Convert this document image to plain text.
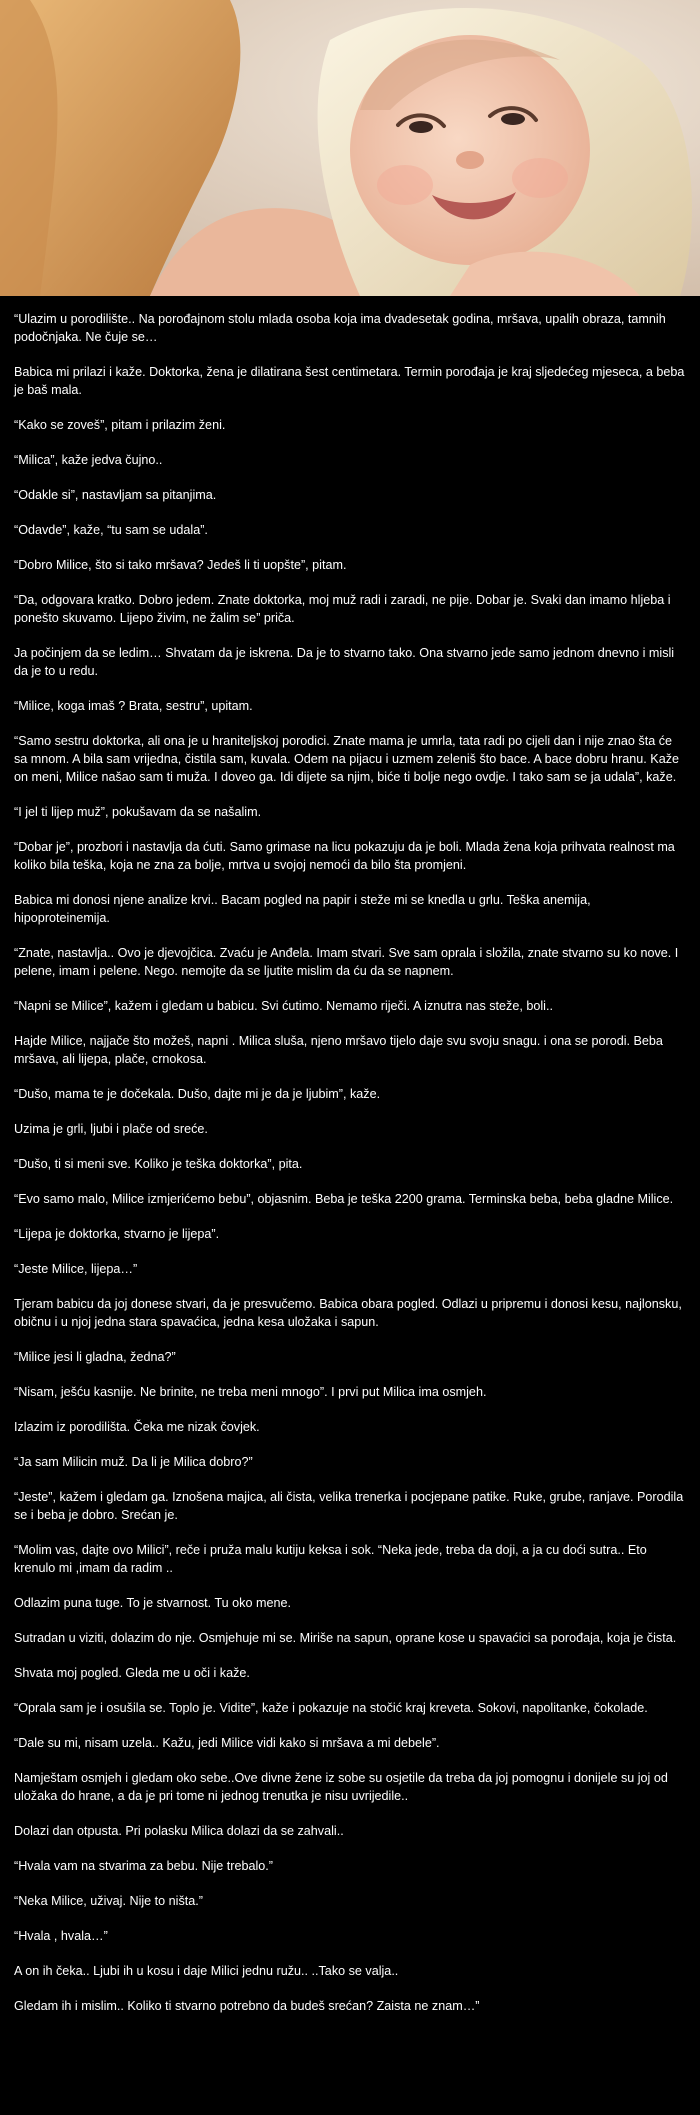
“Ulazim u porodilište.. Na porođajnom stolu mlada osoba koja ima dvadesetak godina, mršava, upalih obraza, tamnih podočnjaka. Ne čuje se…

Babica mi prilazi i kaže. Doktorka, žena je dilatirana šest centimetara. Termin porođaja je kraj sljedećeg mjeseca, a beba je baš mala.

“Kako se zoveš”, pitam i prilazim ženi.

“Milica”, kaže jedva čujno..

“Odakle si”, nastavljam sa pitanjima.

“Odavde”, kaže, “tu sam se udala”.

“Dobro Milice, što si tako mršava? Jedeš li ti uopšte”, pitam.

“Da, odgovara kratko. Dobro jedem. Znate doktorka, moj muž radi i zaradi, ne pije. Dobar je. Svaki dan imamo hljeba i ponešto skuvamo. Lijepo živim, ne žalim se” priča.

Ja počinjem da se ledim… Shvatam da je iskrena. Da je to stvarno tako. Ona stvarno jede samo jednom dnevno i misli da je to u redu.

“Milice, koga imaš ? Brata, sestru”, upitam.

“Samo sestru doktorka, ali ona je u hraniteljskoj porodici. Znate mama je umrla, tata radi po cijeli dan i nije znao šta će sa mnom. A bila sam vrijedna, čistila sam, kuvala. Odem na pijacu i uzmem zeleniš što bace. A bace dobru hranu. Kaže on meni, Milice našao sam ti muža. I doveo ga. Idi dijete sa njim, biće ti bolje nego ovdje. I tako sam se ja udala”, kaže.

“I jel ti lijep muž”, pokušavam da se našalim.

“Dobar je”, prozbori i nastavlja da ćuti. Samo grimase na licu pokazuju da je boli. Mlada žena koja prihvata realnost ma koliko bila teška, koja ne zna za bolje, mrtva u svojoj nemoći da bilo šta promjeni.

Babica mi donosi njene analize krvi.. Bacam pogled na papir i steže mi se knedla u grlu. Teška anemija, hipoproteinemija.

“Znate, nastavlja.. Ovo je djevojčica. Zvaću je Anđela. Imam stvari. Sve sam oprala i složila, znate stvarno su ko nove. I pelene, imam i pelene. Nego. nemojte da se ljutite mislim da ću da se napnem.

“Napni se Milice”, kažem i gledam u babicu. Svi ćutimo. Nemamo riječi. A iznutra nas steže, boli..

Hajde Milice, najjače što možeš, napni . Milica sluša, njeno mršavo tijelo daje svu svoju snagu. i ona se porodi. Beba mršava, ali lijepa, plače, crnokosa.

“Dušo, mama te je dočekala. Dušo, dajte mi je da je ljubim”, kaže.

Uzima je grli, ljubi i plače od sreće.

“Dušo, ti si meni sve. Koliko je teška doktorka”, pita.

“Evo samo malo, Milice izmjerićemo bebu”, objasnim. Beba je teška 2200 grama. Terminska beba, beba gladne Milice.

“Lijepa je doktorka, stvarno je lijepa”.

“Jeste Milice, lijepa…”

Tjeram babicu da joj donese stvari, da je presvučemo. Babica obara pogled. Odlazi u pripremu i donosi kesu, najlonsku, običnu i u njoj jedna stara spavaćica, jedna kesa uložaka i sapun.

“Milice jesi li gladna, žedna?”

“Nisam, ješću kasnije. Ne brinite, ne treba meni mnogo”. I prvi put Milica ima osmjeh.

Izlazim iz porodilišta. Čeka me nizak čovjek.

“Ja sam Milicin muž. Da li je Milica dobro?”

“Jeste”, kažem i gledam ga. Iznošena majica, ali čista, velika trenerka i pocjepane patike. Ruke, grube, ranjave. Porodila se i beba je dobro. Srećan je.

“Molim vas, dajte ovo Milici”, reče i pruža malu kutiju keksa i sok. “Neka jede, treba da doji, a ja cu doći sutra.. Eto krenulo mi ,imam da radim ..

Odlazim puna tuge. To je stvarnost. Tu oko mene.

Sutradan u viziti, dolazim do nje. Osmjehuje mi se. Miriše na sapun, oprane kose u spavaćici sa porođaja, koja je čista.

Shvata moj pogled. Gleda me u oči i kaže.

“Oprala sam je i osušila se. Toplo je. Vidite”, kaže i pokazuje na stočić kraj kreveta. Sokovi, napolitanke, čokolade.

“Dale su mi, nisam uzela.. Kažu, jedi Milice vidi kako si mršava a mi debele”.

Namještam osmjeh i gledam oko sebe..Ove divne žene iz sobe su osjetile da treba da joj pomognu i donijele su joj od uložaka do hrane, a da je pri tome ni jednog trenutka je nisu uvrijedile..

Dolazi dan otpusta. Pri polasku Milica dolazi da se zahvali..

“Hvala vam na stvarima za bebu. Nije trebalo.”

“Neka Milice, uživaj. Nije to ništa.”

“Hvala , hvala…”

A on ih čeka.. Ljubi ih u kosu i daje Milici jednu ružu.. ..Tako se valja..

Gledam ih i mislim.. Koliko ti stvarno potrebno da budeš srećan? Zaista ne znam…”
